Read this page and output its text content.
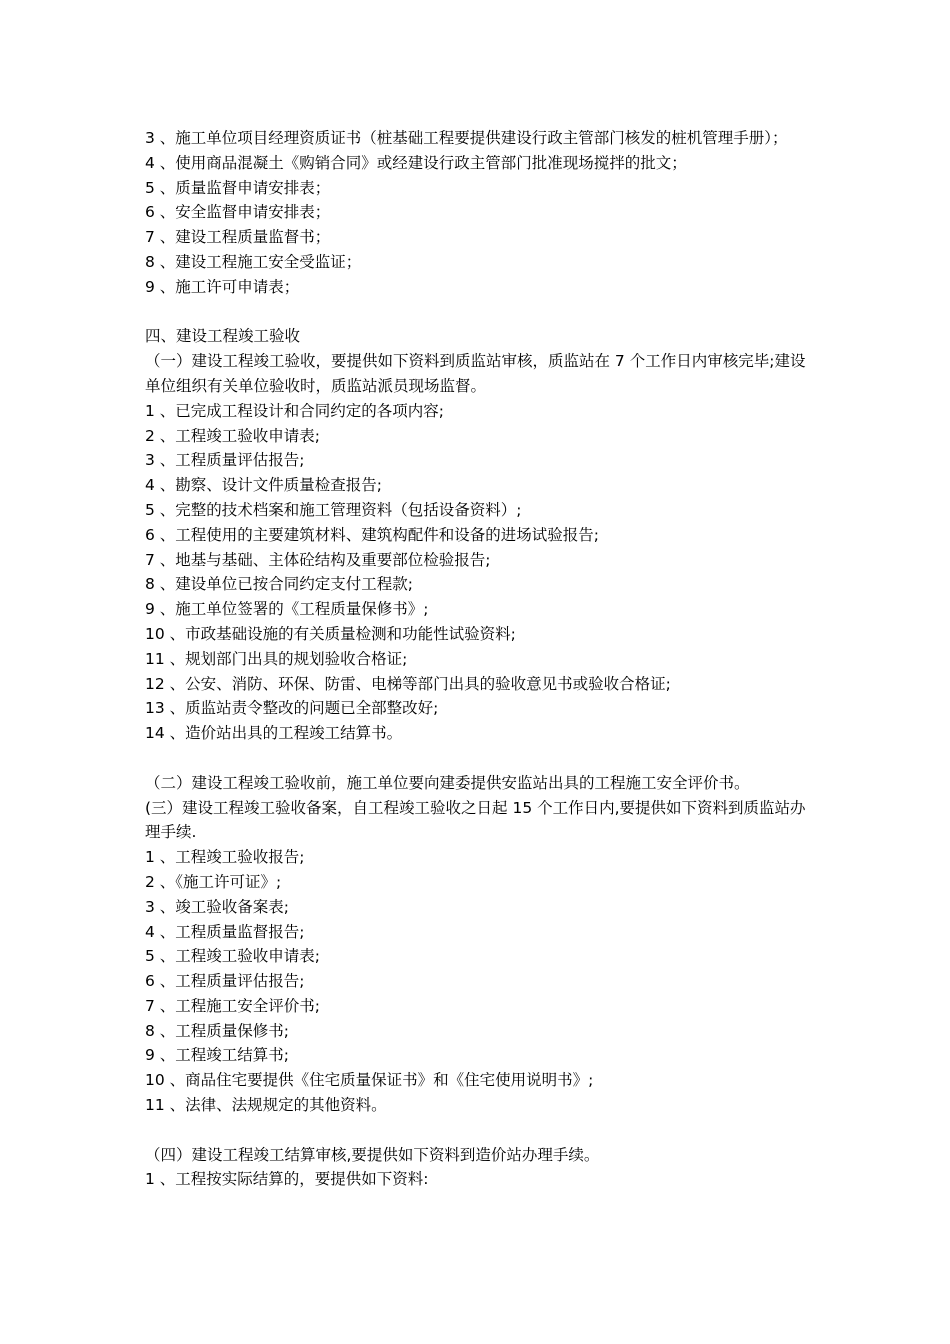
3 、施工单位项目经理资质证书（桩基础工程要提供建设行政主管部门核发的桩机管理手册）；
4 、使用商品混凝土《购销合同》或经建设行政主管部门批准现场搅拌的批文；
5 、质量监督申请安排表；
6 、安全监督申请安排表；
7 、建设工程质量监督书；
8 、建设工程施工安全受监证；
9 、施工许可申请表；
四、建设工程竣工验收
（一）建设工程竣工验收，要提供如下资料到质监站审核，质监站在 7 个工作日内审核完毕;建设单位组织有关单位验收时，质监站派员现场监督。
1 、已完成工程设计和合同约定的各项内容;
2 、工程竣工验收申请表;
3 、工程质量评估报告;
4 、勘察、设计文件质量检查报告;
5 、完整的技术档案和施工管理资料（包括设备资料）;
6 、工程使用的主要建筑材料、建筑构配件和设备的进场试验报告;
7 、地基与基础、主体砼结构及重要部位检验报告;
8 、建设单位已按合同约定支付工程款;
9 、施工单位签署的《工程质量保修书》;
10 、市政基础设施的有关质量检测和功能性试验资料;
11 、规划部门出具的规划验收合格证;
12 、公安、消防、环保、防雷、电梯等部门出具的验收意见书或验收合格证;
13 、质监站责令整改的问题已全部整改好;
14 、造价站出具的工程竣工结算书。
（二）建设工程竣工验收前，施工单位要向建委提供安监站出具的工程施工安全评价书。
(三）建设工程竣工验收备案，自工程竣工验收之日起 15 个工作日内,要提供如下资料到质监站办理手续.
1 、工程竣工验收报告;
2 、《施工许可证》;
3 、竣工验收备案表;
4 、工程质量监督报告;
5 、工程竣工验收申请表;
6 、工程质量评估报告;
7 、工程施工安全评价书;
8 、工程质量保修书;
9 、工程竣工结算书;
10 、商品住宅要提供《住宅质量保证书》和《住宅使用说明书》;
11 、法律、法规规定的其他资料。
（四）建设工程竣工结算审核,要提供如下资料到造价站办理手续。
1 、工程按实际结算的，要提供如下资料:
